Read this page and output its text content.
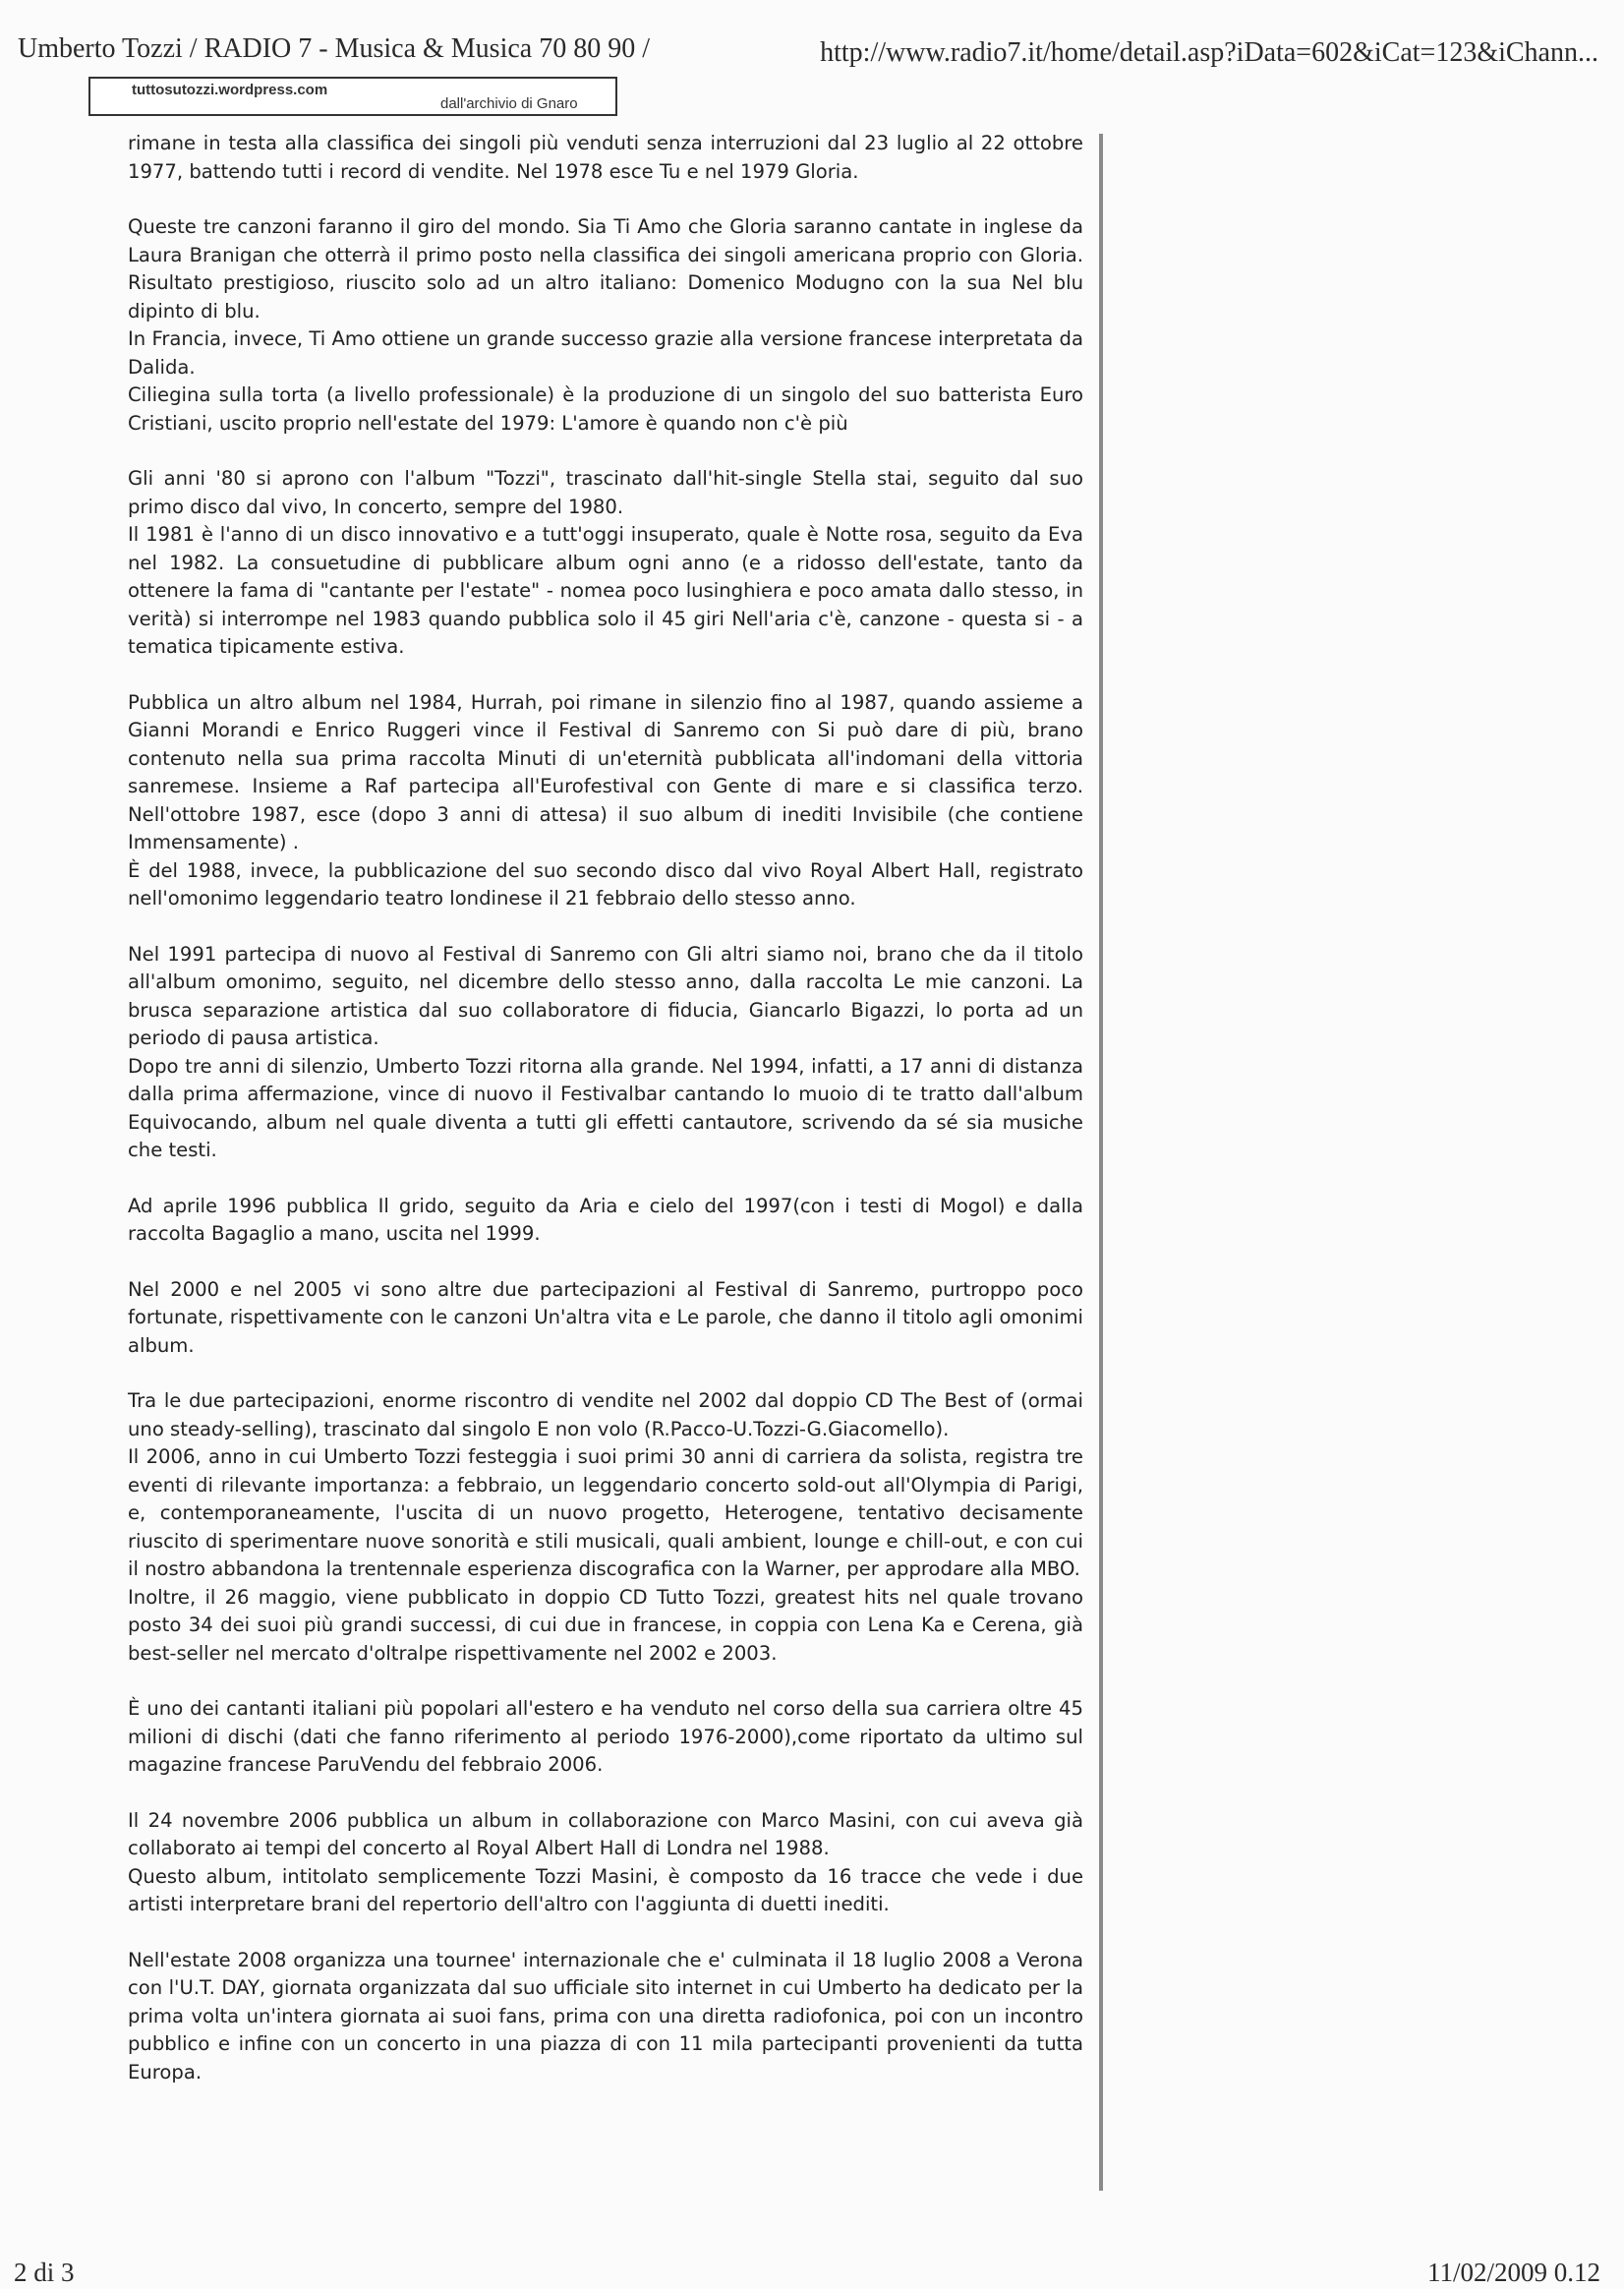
Umberto Tozzi / RADIO 7 - Musica & Musica 70 80 90 /	http://www.radio7.it/home/detail.asp?iData=602&iCat=123&iChann...
tuttosutozzi.wordpress.com
dall'archivio di Gnaro

rimane in testa alla classifica dei singoli più venduti senza interruzioni dal 23 luglio al 22 ottobre 1977, battendo tutti i record di vendite. Nel 1978 esce Tu e nel 1979 Gloria.

Queste tre canzoni faranno il giro del mondo. Sia Ti Amo che Gloria saranno cantate in inglese da Laura Branigan che otterrà il primo posto nella classifica dei singoli americana proprio con Gloria. Risultato prestigioso, riuscito solo ad un altro italiano: Domenico Modugno con la sua Nel blu dipinto di blu.
In Francia, invece, Ti Amo ottiene un grande successo grazie alla versione francese interpretata da Dalida.
Ciliegina sulla torta (a livello professionale) è la produzione di un singolo del suo batterista Euro Cristiani, uscito proprio nell'estate del 1979: L'amore è quando non c'è più

Gli anni '80 si aprono con l'album "Tozzi", trascinato dall'hit-single Stella stai, seguito dal suo primo disco dal vivo, In concerto, sempre del 1980.
Il 1981 è l'anno di un disco innovativo e a tutt'oggi insuperato, quale è Notte rosa, seguito da Eva nel 1982. La consuetudine di pubblicare album ogni anno (e a ridosso dell'estate, tanto da ottenere la fama di "cantante per l'estate" - nomea poco lusinghiera e poco amata dallo stesso, in verità) si interrompe nel 1983 quando pubblica solo il 45 giri Nell'aria c'è, canzone - questa si - a tematica tipicamente estiva.

Pubblica un altro album nel 1984, Hurrah, poi rimane in silenzio fino al 1987, quando assieme a Gianni Morandi e Enrico Ruggeri vince il Festival di Sanremo con Si può dare di più, brano contenuto nella sua prima raccolta Minuti di un'eternità pubblicata all'indomani della vittoria sanremese. Insieme a Raf partecipa all'Eurofestival con Gente di mare e si classifica terzo. Nell'ottobre 1987, esce (dopo 3 anni di attesa) il suo album di inediti Invisibile (che contiene Immensamente) .
È del 1988, invece, la pubblicazione del suo secondo disco dal vivo Royal Albert Hall, registrato nell'omonimo leggendario teatro londinese il 21 febbraio dello stesso anno.

Nel 1991 partecipa di nuovo al Festival di Sanremo con Gli altri siamo noi, brano che da il titolo all'album omonimo, seguito, nel dicembre dello stesso anno, dalla raccolta Le mie canzoni. La brusca separazione artistica dal suo collaboratore di fiducia, Giancarlo Bigazzi, lo porta ad un periodo di pausa artistica.
Dopo tre anni di silenzio, Umberto Tozzi ritorna alla grande. Nel 1994, infatti, a 17 anni di distanza dalla prima affermazione, vince di nuovo il Festivalbar cantando Io muoio di te tratto dall'album Equivocando, album nel quale diventa a tutti gli effetti cantautore, scrivendo da sé sia musiche che testi.

Ad aprile 1996 pubblica Il grido, seguito da Aria e cielo del 1997(con i testi di Mogol) e dalla raccolta Bagaglio a mano, uscita nel 1999.

Nel 2000 e nel 2005 vi sono altre due partecipazioni al Festival di Sanremo, purtroppo poco fortunate, rispettivamente con le canzoni Un'altra vita e Le parole, che danno il titolo agli omonimi album.

Tra le due partecipazioni, enorme riscontro di vendite nel 2002 dal doppio CD The Best of (ormai uno steady-selling), trascinato dal singolo E non volo (R.Pacco-U.Tozzi-G.Giacomello).
Il 2006, anno in cui Umberto Tozzi festeggia i suoi primi 30 anni di carriera da solista, registra tre eventi di rilevante importanza: a febbraio, un leggendario concerto sold-out all'Olympia di Parigi, e, contemporaneamente, l'uscita di un nuovo progetto, Heterogene, tentativo decisamente riuscito di sperimentare nuove sonorità e stili musicali, quali ambient, lounge e chill-out, e con cui il nostro abbandona la trentennale esperienza discografica con la Warner, per approdare alla MBO.
Inoltre, il 26 maggio, viene pubblicato in doppio CD Tutto Tozzi, greatest hits nel quale trovano posto 34 dei suoi più grandi successi, di cui due in francese, in coppia con Lena Ka e Cerena, già best-seller nel mercato d'oltralpe rispettivamente nel 2002 e 2003.

È uno dei cantanti italiani più popolari all'estero e ha venduto nel corso della sua carriera oltre 45 milioni di dischi (dati che fanno riferimento al periodo 1976-2000),come riportato da ultimo sul magazine francese ParuVendu del febbraio 2006.

Il 24 novembre 2006 pubblica un album in collaborazione con Marco Masini, con cui aveva già collaborato ai tempi del concerto al Royal Albert Hall di Londra nel 1988.
Questo album, intitolato semplicemente Tozzi Masini, è composto da 16 tracce che vede i due artisti interpretare brani del repertorio dell'altro con l'aggiunta di duetti inediti.

Nell'estate 2008 organizza una tournee' internazionale che e' culminata il 18 luglio 2008 a Verona con l'U.T. DAY, giornata organizzata dal suo ufficiale sito internet in cui Umberto ha dedicato per la prima volta un'intera giornata ai suoi fans, prima con una diretta radiofonica, poi con un incontro pubblico e infine con un concerto in una piazza di con 11 mila partecipanti provenienti da tutta Europa.

2 di 3	11/02/2009 0.12
